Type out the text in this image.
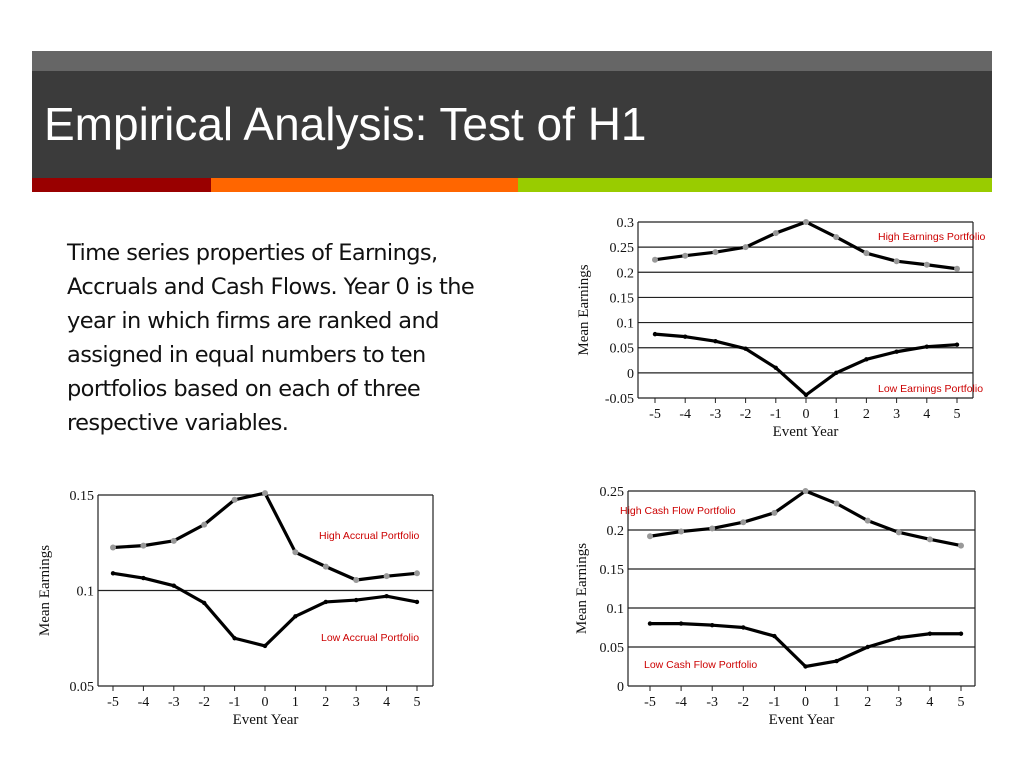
Empirical Analysis: Test of H1

Time series properties of Earnings, Accruals and Cash Flows. Year 0 is the year in which firms are ranked and assigned in equal numbers to ten portfolios based on each of three respective variables.

0.3
0.25
0.2
0.15
0.1
0.05
0
-0.05
-5 -4 -3 -2 -1 0 1 2 3 4 5
Event Year
Mean Earnings
High Earnings Portfolio
Low Earnings Portfolio
0.15
0.1
0.05
-5 -4 -3 -2 -1 0 1 2 3 4 5
Event Year
Mean Earnings
High Accrual Portfolio
Low Accrual Portfolio
0.25
0.2
0.15
0.1
0.05
0
-5 -4 -3 -2 -1 0 1 2 3 4 5
Event Year
Mean Earnings
High Cash Flow Portfolio
Low Cash Flow Portfolio
